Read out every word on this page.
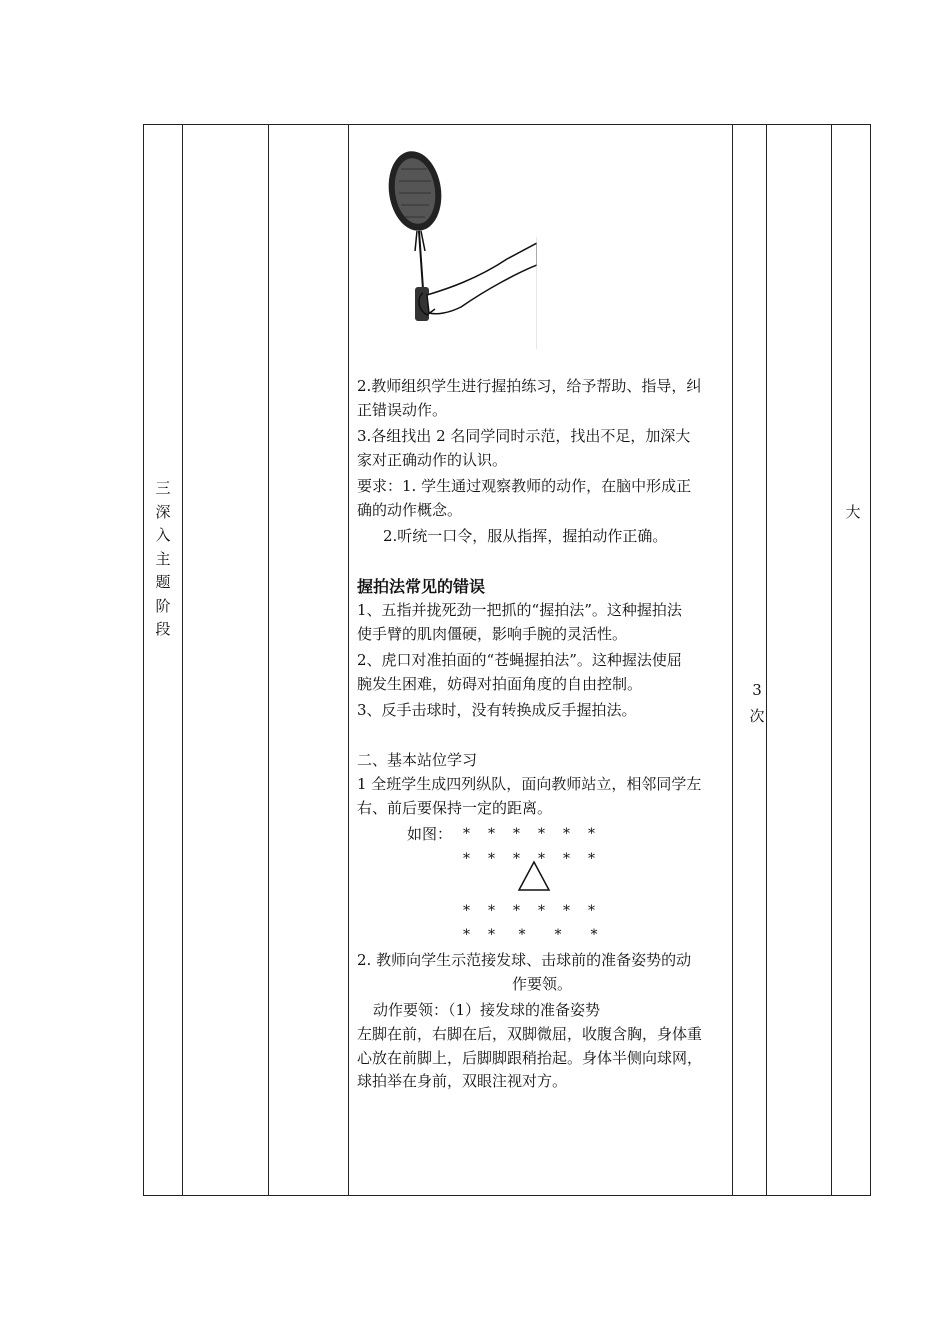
三
深
入
主
题
阶
段

2.教师组织学生进行握拍练习，给予帮助、指导，纠

正错误动作。

3.各组找出 2 名同学同时示范，找出不足，加深大

家对正确动作的认识。

要求：1. 学生通过观察教师的动作，在脑中形成正

确的动作概念。

2.听统一口令，服从指挥，握拍动作正确。

握拍法常见的错误

1、五指并拢死劲一把抓的“握拍法”。这种握拍法

使手臂的肌肉僵硬，影响手腕的灵活性。

2、虎口对准拍面的“苍蝇握拍法”。这种握法使屈

腕发生困难，妨碍对拍面角度的自由控制。

3、反手击球时，没有转换成反手握拍法。

二、基本站位学习

1 全班学生成四列纵队，面向教师站立，相邻同学左

右、前后要保持一定的距离。

如图： * * * * * *
* * * * * *
* * * * * *
* * * * *

2. 教师向学生示范接发球、击球前的准备姿势的动

作要领。

动作要领：（1）接发球的准备姿势

左脚在前，右脚在后，双脚微屈，收腹含胸，身体重

心放在前脚上，后脚脚跟稍抬起。身体半侧向球网，

球拍举在身前，双眼注视对方。

3
次
大
